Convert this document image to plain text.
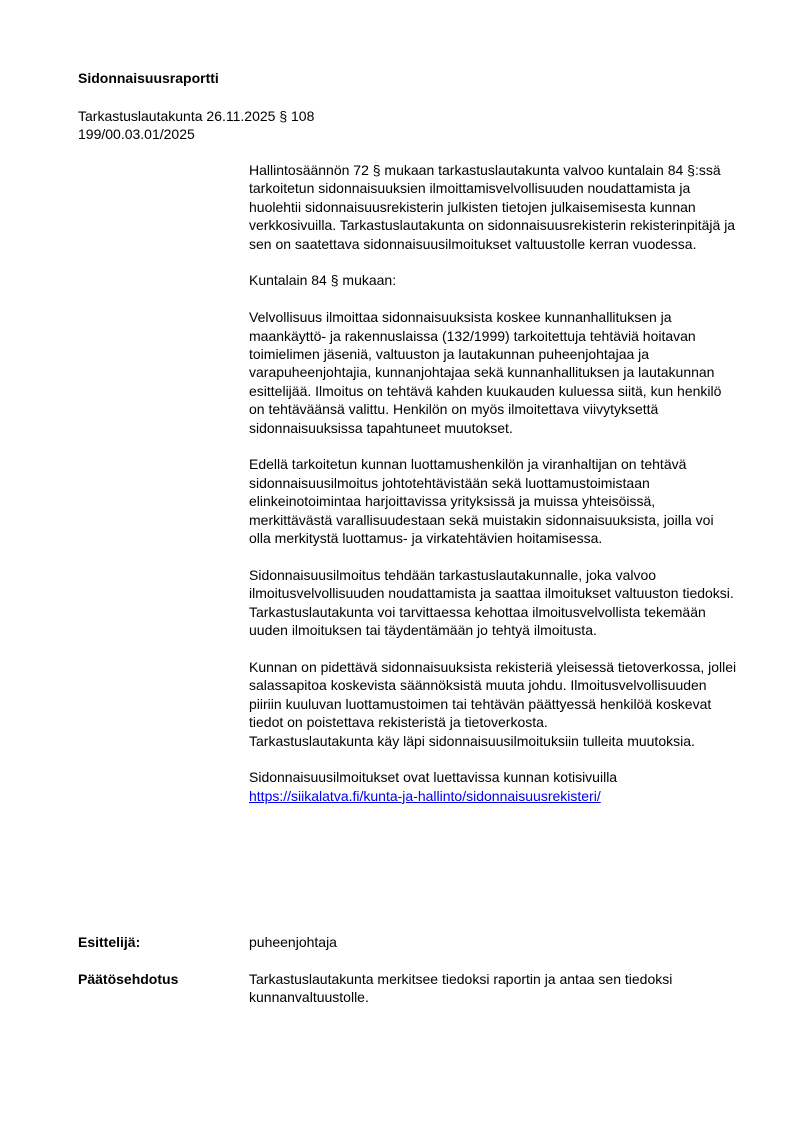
Sidonnaisuusraportti
Tarkastuslautakunta 26.11.2025 § 108
199/00.03.01/2025

Hallintosäännön 72 § mukaan tarkastuslautakunta valvoo kuntalain 84 §:ssä tarkoitetun sidonnaisuuksien ilmoittamisvelvollisuuden noudattamista ja huolehtii sidonnaisuusrekisterin julkisten tietojen julkaisemisesta kunnan verkkosivuilla. Tarkastuslautakunta on sidonnaisuusrekisterin rekisterinpitäjä ja sen on saatettava sidonnaisuusilmoitukset valtuustolle kerran vuodessa.

Kuntalain 84 § mukaan:

Velvollisuus ilmoittaa sidonnaisuuksista koskee kunnanhallituksen ja maankäyttö- ja rakennuslaissa (132/1999) tarkoitettuja tehtäviä hoitavan toimielimen jäseniä, valtuuston ja lautakunnan puheenjohtajaa ja varapuheenjohtajia, kunnanjohtajaa sekä kunnanhallituksen ja lautakunnan esittelijää. Ilmoitus on tehtävä kahden kuukauden kuluessa siitä, kun henkilö on tehtäväänsä valittu. Henkilön on myös ilmoitettava viivytyksettä sidonnaisuuksissa tapahtuneet muutokset.

Edellä tarkoitetun kunnan luottamushenkilön ja viranhaltijan on tehtävä sidonnaisuusilmoitus johtotehtävistään sekä luottamustoimistaan elinkeinotoimintaa harjoittavissa yrityksissä ja muissa yhteisöissä, merkittävästä varallisuudestaan sekä muistakin sidonnaisuuksista, joilla voi olla merkitystä luottamus- ja virkatehtävien hoitamisessa.

Sidonnaisuusilmoitus tehdään tarkastuslautakunnalle, joka valvoo ilmoitusvelvollisuuden noudattamista ja saattaa ilmoitukset valtuuston tiedoksi. Tarkastuslautakunta voi tarvittaessa kehottaa ilmoitusvelvollista tekemään uuden ilmoituksen tai täydentämään jo tehtyä ilmoitusta.

Kunnan on pidettävä sidonnaisuuksista rekisteriä yleisessä tietoverkossa, jollei salassapitoa koskevista säännöksistä muuta johdu. Ilmoitusvelvollisuuden piiriin kuuluvan luottamustoimen tai tehtävän päättyessä henkilöä koskevat tiedot on poistettava rekisteristä ja tietoverkosta.

Tarkastuslautakunta käy läpi sidonnaisuusilmoituksiin tulleita muutoksia.

Sidonnaisuusilmoitukset ovat luettavissa kunnan kotisivuilla
https://siikalatva.fi/kunta-ja-hallinto/sidonnaisuusrekisteri/

Esittelijä:	puheenjohtaja
Päätösehdotus	Tarkastuslautakunta merkitsee tiedoksi raportin ja antaa sen tiedoksi kunnanvaltuustolle.
